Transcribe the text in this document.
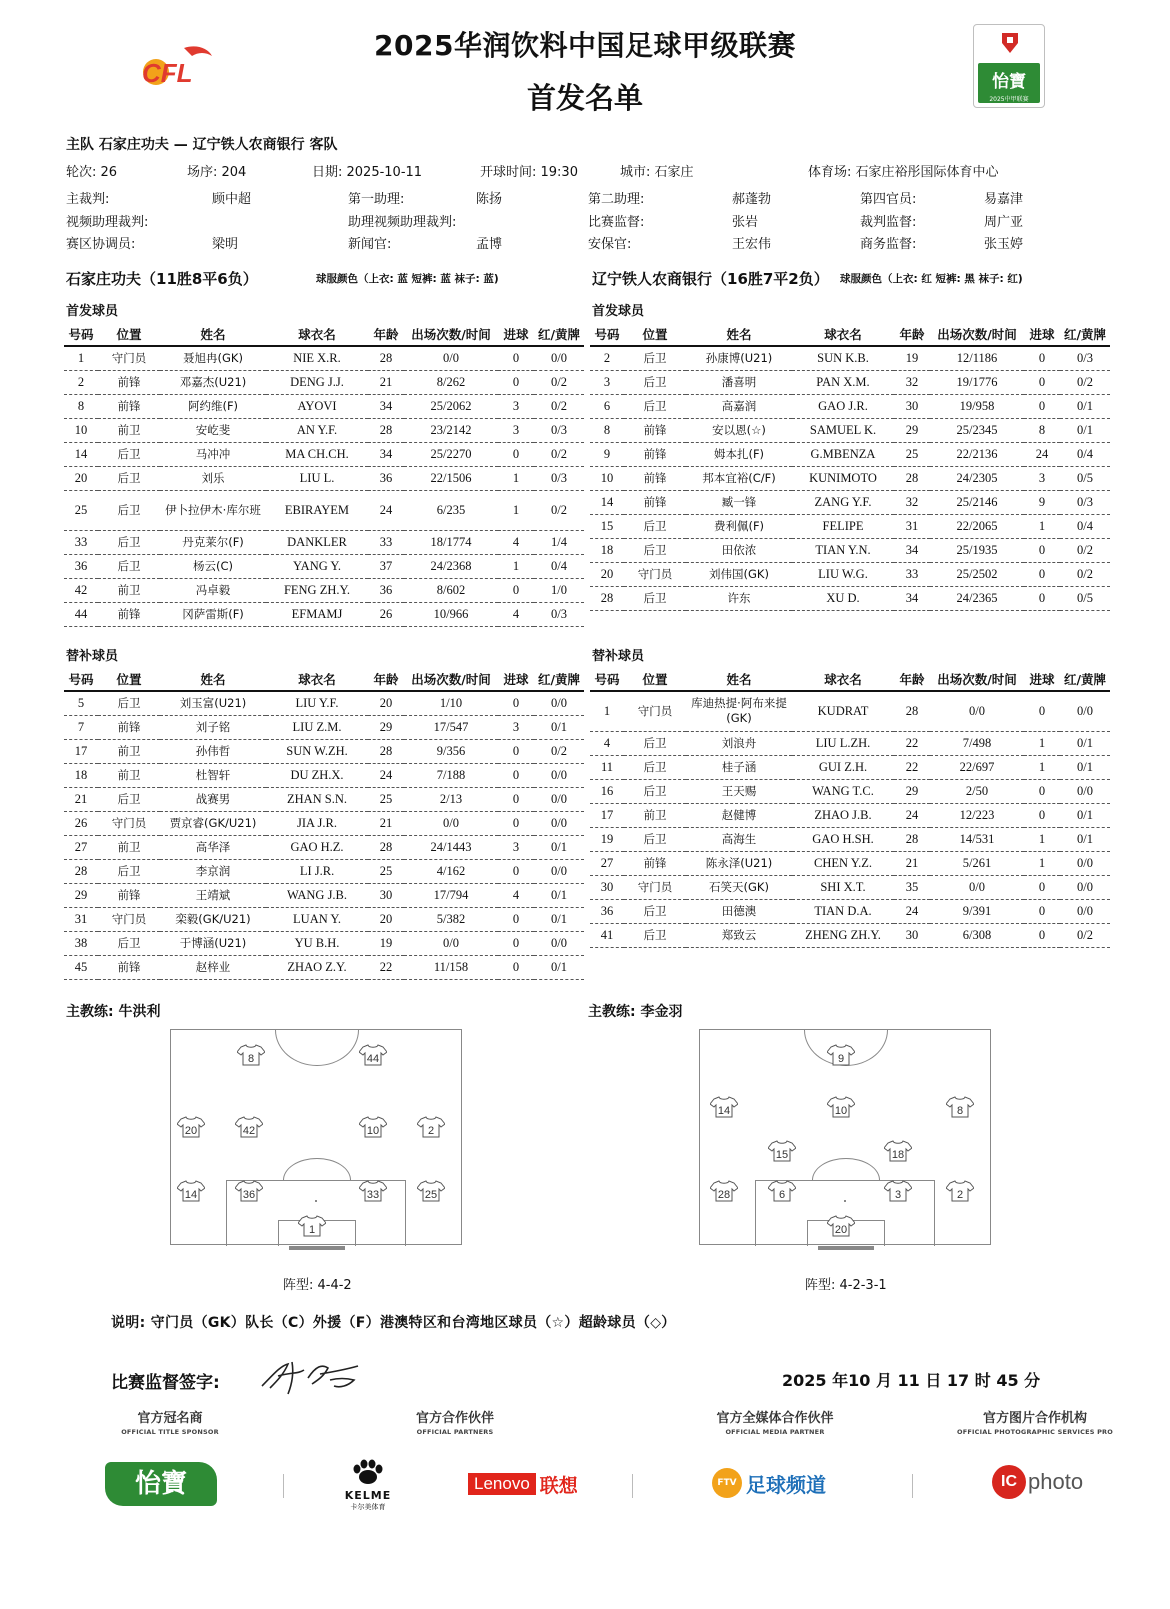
CFL
2025华润饮料中国足球甲级联赛
首发名单	怡寶
2025中甲联赛
主队 石家庄功夫 — 辽宁铁人农商银行 客队
轮次: 26	场序: 204	日期: 2025-10-11	开球时间: 19:30	城市: 石家庄	体育场: 石家庄裕彤国际体育中心
主裁判:	顾中超	第一助理:	陈扬	第二助理:	郝蓬勃	第四官员:	易嘉津
视频助理裁判:	助理视频助理裁判:	比赛监督:	张岩	裁判监督:	周广亚
赛区协调员:	梁明	新闻官:	孟博	安保官:	王宏伟	商务监督:	张玉婷
石家庄功夫（11胜8平6负）	球服颜色（上衣: 蓝 短裤: 蓝 袜子: 蓝)	辽宁铁人农商银行（16胜7平2负） 球服颜色（上衣: 红 短裤: 黑 袜子: 红)
首发球员	首发球员
替补球员	替补球员
号码	位置	姓名	球衣名	年龄	出场次数/时间	进球	红/黄牌
1	守门员	聂旭冉(GK)	NIE X.R.	28	0/0	0	0/0
2	前锋	邓嘉杰(U21)	DENG J.J.	21	8/262	0	0/2
8	前锋	阿约维(F)	AYOVI	34	25/2062	3	0/2
10	前卫	安屹斐	AN Y.F.	28	23/2142	3	0/3
14	后卫	马冲冲	MA CH.CH.	34	25/2270	0	0/2
20	后卫	刘乐	LIU L.	36	22/1506	1	0/3
25	后卫	伊卜拉伊木·库尔班	EBIRAYEM	24	6/235	1	0/2
33	后卫	丹克莱尔(F)	DANKLER	33	18/1774	4	1/4
36	后卫	杨云(C)	YANG Y.	37	24/2368	1	0/4
42	前卫	冯卓毅	FENG ZH.Y.	36	8/602	0	1/0
44	前锋	冈萨雷斯(F)	EFMAMJ	26	10/966	4	0/3
号码	位置	姓名	球衣名	年龄	出场次数/时间	进球	红/黄牌
2	后卫	孙康博(U21)	SUN K.B.	19	12/1186	0	0/3
3	后卫	潘喜明	PAN X.M.	32	19/1776	0	0/2
6	后卫	高嘉润	GAO J.R.	30	19/958	0	0/1
8	前锋	安以恩(☆)	SAMUEL K.	29	25/2345	8	0/1
9	前锋	姆本扎(F)	G.MBENZA	25	22/2136	24	0/4
10	前锋	邦本宜裕(C/F)	KUNIMOTO	28	24/2305	3	0/5
14	前锋	臧一锋	ZANG Y.F.	32	25/2146	9	0/3
15	后卫	费利佩(F)	FELIPE	31	22/2065	1	0/4
18	后卫	田依浓	TIAN Y.N.	34	25/1935	0	0/2
20	守门员	刘伟国(GK)	LIU W.G.	33	25/2502	0	0/2
28	后卫	许东	XU D.	34	24/2365	0	0/5
号码	位置	姓名	球衣名	年龄	出场次数/时间	进球	红/黄牌
5	后卫	刘玉富(U21)	LIU Y.F.	20	1/10	0	0/0
7	前锋	刘子铭	LIU Z.M.	29	17/547	3	0/1
17	前卫	孙伟哲	SUN W.ZH.	28	9/356	0	0/2
18	前卫	杜智轩	DU ZH.X.	24	7/188	0	0/0
21	后卫	战赛男	ZHAN S.N.	25	2/13	0	0/0
26	守门员	贾京睿(GK/U21)	JIA J.R.	21	0/0	0	0/0
27	前卫	高华泽	GAO H.Z.	28	24/1443	3	0/1
28	后卫	李京润	LI J.R.	25	4/162	0	0/0
29	前锋	王靖斌	WANG J.B.	30	17/794	4	0/1
31	守门员	栾毅(GK/U21)	LUAN Y.	20	5/382	0	0/1
38	后卫	于博涵(U21)	YU B.H.	19	0/0	0	0/0
45	前锋	赵梓业	ZHAO Z.Y.	22	11/158	0	0/1
号码	位置	姓名	球衣名	年龄	出场次数/时间	进球	红/黄牌
1	守门员	库迪热提·阿布来提(GK)	KUDRAT	28	0/0	0	0/0
4	后卫	刘浪舟	LIU L.ZH.	22	7/498	1	0/1
11	后卫	桂子涵	GUI Z.H.	22	22/697	1	0/1
16	后卫	王天赐	WANG T.C.	29	2/50	0	0/0
17	前卫	赵健博	ZHAO J.B.	24	12/223	0	0/1
19	后卫	高海生	GAO H.SH.	28	14/531	1	0/1
27	前锋	陈永泽(U21)	CHEN Y.Z.	21	5/261	1	0/0
30	守门员	石笑天(GK)	SHI X.T.	35	0/0	0	0/0
36	后卫	田德澳	TIAN D.A.	24	9/391	0	0/0
41	后卫	郑致云	ZHENG ZH.Y.	30	6/308	0	0/2
主教练: 牛洪利	主教练: 李金羽
8	44
20	42	10	2
14	36	33	25
1
9
14	10	8
15	18
28	6	3	2
20
阵型: 4-4-2	阵型: 4-2-3-1
说明: 守门员（GK）队长（C）外援（F）港澳特区和台湾地区球员（☆）超龄球员（◇）
比赛监督签字:	2025 年10 月 11 日 17 时 45 分
官方冠名商
OFFICIAL TITLE SPONSOR
官方合作伙伴
OFFICIAL PARTNERS
官方全媒体合作伙伴
OFFICIAL MEDIA PARTNER
官方图片合作机构
OFFICIAL PHOTOGRAPHIC SERVICES PRO
怡寶	KELME
卡尔美体育
Lenovo 联想	FTV 足球频道	IC photo
